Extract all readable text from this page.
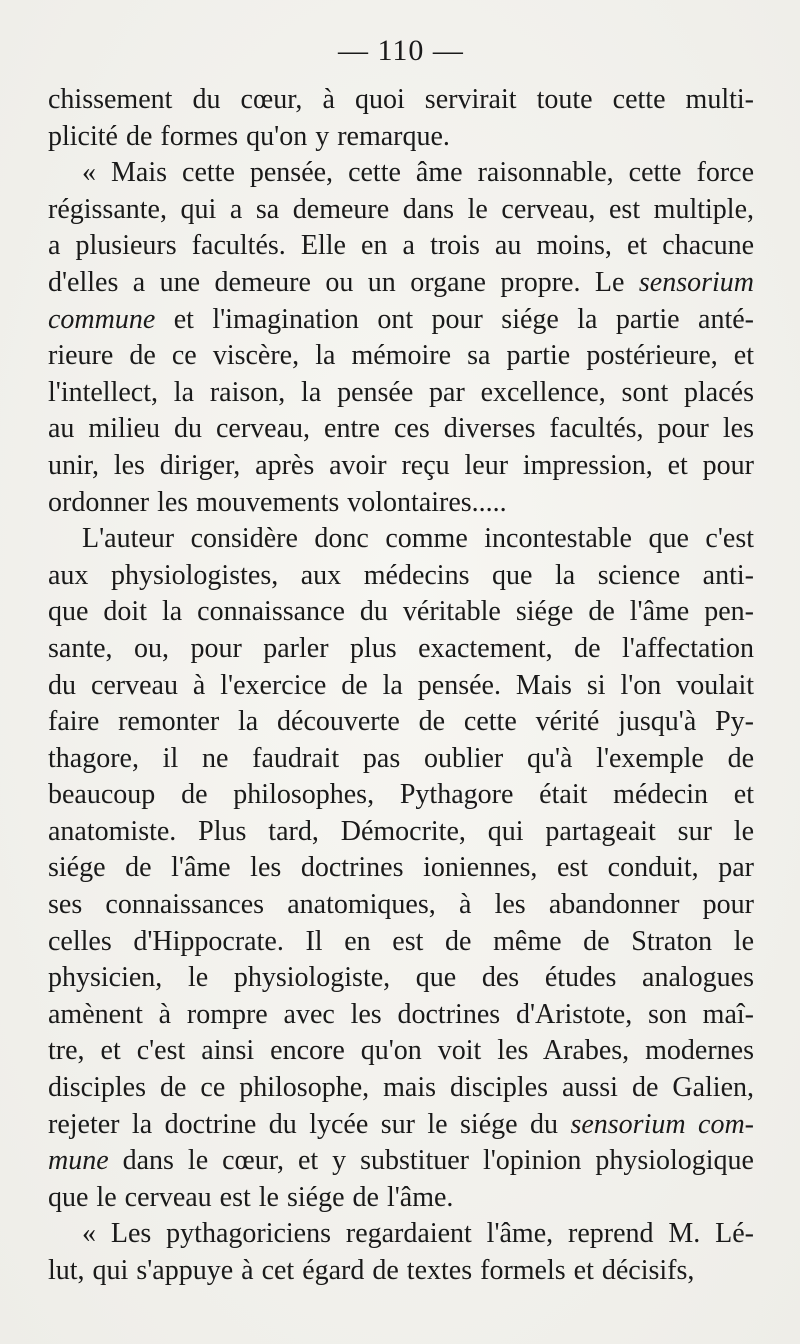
— 110 —

chissement du cœur, à quoi servirait toute cette multi-
plicité de formes qu'on y remarque.

« Mais cette pensée, cette âme raisonnable, cette force
régissante, qui a sa demeure dans le cerveau, est multiple,
a plusieurs facultés. Elle en a trois au moins, et chacune
d'elles a une demeure ou un organe propre. Le sensorium
commune et l'imagination ont pour siége la partie anté-
rieure de ce viscère, la mémoire sa partie postérieure, et
l'intellect, la raison, la pensée par excellence, sont placés
au milieu du cerveau, entre ces diverses facultés, pour les
unir, les diriger, après avoir reçu leur impression, et pour
ordonner les mouvements volontaires.....

L'auteur considère donc comme incontestable que c'est
aux physiologistes, aux médecins que la science anti-
que doit la connaissance du véritable siége de l'âme pen-
sante, ou, pour parler plus exactement, de l'affectation
du cerveau à l'exercice de la pensée. Mais si l'on voulait
faire remonter la découverte de cette vérité jusqu'à Py-
thagore, il ne faudrait pas oublier qu'à l'exemple de
beaucoup de philosophes, Pythagore était médecin et
anatomiste. Plus tard, Démocrite, qui partageait sur le
siége de l'âme les doctrines ioniennes, est conduit, par
ses connaissances anatomiques, à les abandonner pour
celles d'Hippocrate. Il en est de même de Straton le
physicien, le physiologiste, que des études analogues
amènent à rompre avec les doctrines d'Aristote, son maî-
tre, et c'est ainsi encore qu'on voit les Arabes, modernes
disciples de ce philosophe, mais disciples aussi de Galien,
rejeter la doctrine du lycée sur le siége du sensorium com-
mune dans le cœur, et y substituer l'opinion physiologique
que le cerveau est le siége de l'âme.

« Les pythagoriciens regardaient l'âme, reprend M. Lé-
lut, qui s'appuye à cet égard de textes formels et décisifs,
